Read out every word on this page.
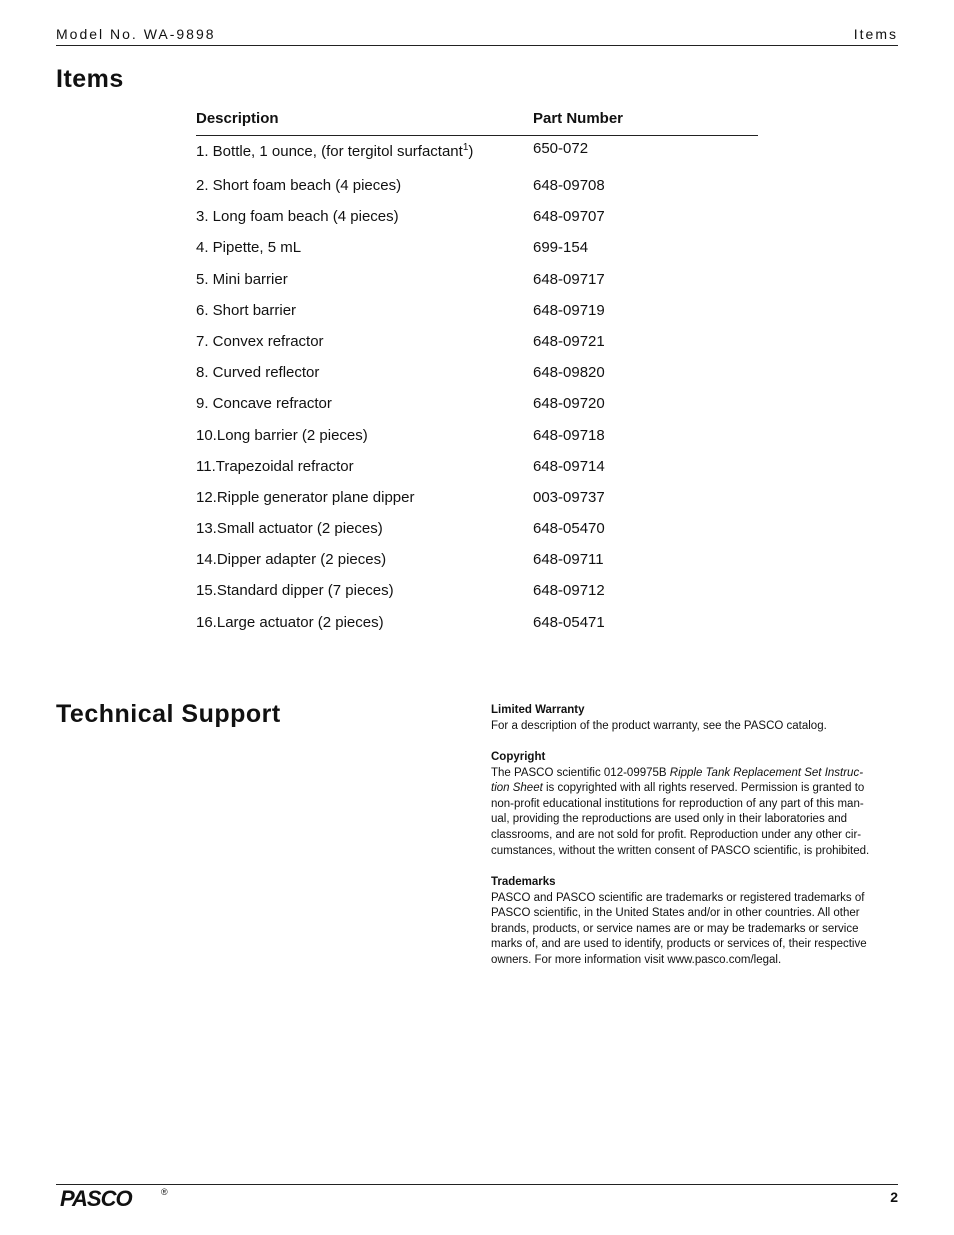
Model No. WA-9898	Items
Items
Description	Part Number
1. Bottle, 1 ounce, (for tergitol surfactant$^1$)	650-072
2. Short foam beach (4 pieces)	648-09708
3. Long foam beach (4 pieces)	648-09707
4. Pipette, 5 mL	699-154
5. Mini barrier	648-09717
6. Short barrier	648-09719
7. Convex refractor	648-09721
8. Curved reflector	648-09820
9. Concave refractor	648-09720
10.Long barrier (2 pieces)	648-09718
11.Trapezoidal refractor	648-09714
12.Ripple generator plane dipper	003-09737
13.Small actuator (2 pieces)	648-05470
14.Dipper adapter (2 pieces)	648-09711
15.Standard dipper (7 pieces)	648-09712
16.Large actuator (2 pieces)	648-05471
Technical Support	Limited Warranty

For a description of the product warranty, see the PASCO catalog.

Copyright

The PASCO scientific 012-09975B Ripple Tank Replacement Set Instruc-

tion Sheet is copyrighted with all rights reserved. Permission is granted to

non-profit educational institutions for reproduction of any part of this man-

ual, providing the reproductions are used only in their laboratories and

classrooms, and are not sold for profit. Reproduction under any other cir-

cumstances, without the written consent of PASCO scientific, is prohibited.

Trademarks

PASCO and PASCO scientific are trademarks or registered trademarks of

PASCO scientific, in the United States and/or in other countries. All other

brands, products, or service names are or may be trademarks or service

marks of, and are used to identify, products or services of, their respective

owners. For more information visit www.pasco.com/legal.

PASCO	®	2
